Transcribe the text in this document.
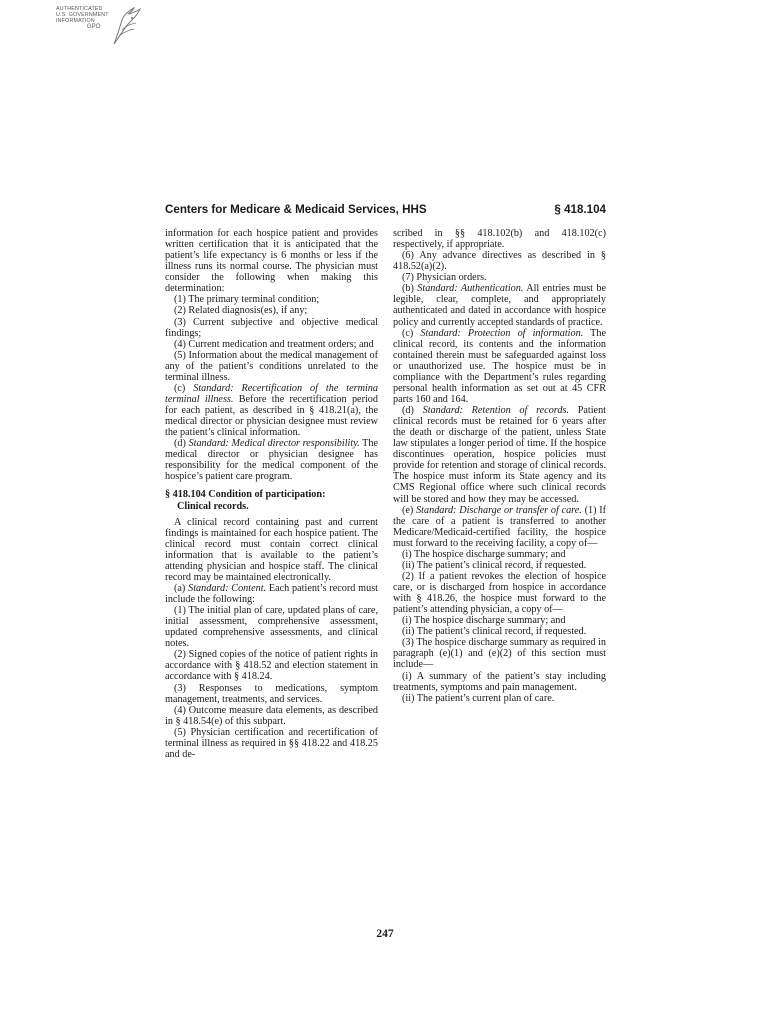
AUTHENTICATED
U.S. GOVERNMENT
INFORMATION
GPO
Centers for Medicare & Medicaid Services, HHS	§ 418.104

information for each hospice patient and provides written certification that it is anticipated that the patient’s life expectancy is 6 months or less if the illness runs its normal course. The physician must consider the following when making this determination:

(1) The primary terminal condition;

(2) Related diagnosis(es), if any;

(3) Current subjective and objective medical findings;

(4) Current medication and treatment orders; and

(5) Information about the medical management of any of the patient’s conditions unrelated to the terminal illness.

(c) Standard: Recertification of the termina terminal illness. Before the recertification period for each patient, as described in § 418.21(a), the medical director or physician designee must review the patient’s clinical information.

(d) Standard: Medical director responsibility. The medical director or physician designee has responsibility for the medical component of the hospice’s patient care program.

§ 418.104 Condition of participation:
Clinical records.

A clinical record containing past and current findings is maintained for each hospice patient. The clinical record must contain correct clinical information that is available to the patient’s attending physician and hospice staff. The clinical record may be maintained electronically.

(a) Standard: Content. Each patient’s record must include the following:

(1) The initial plan of care, updated plans of care, initial assessment, comprehensive assessment, updated comprehensive assessments, and clinical notes.

(2) Signed copies of the notice of patient rights in accordance with § 418.52 and election statement in accordance with § 418.24.

(3) Responses to medications, symptom management, treatments, and services.

(4) Outcome measure data elements, as described in § 418.54(e) of this subpart.

(5) Physician certification and recertification of terminal illness as required in §§ 418.22 and 418.25 and de-

scribed in §§ 418.102(b) and 418.102(c) respectively, if appropriate.

(6) Any advance directives as described in § 418.52(a)(2).

(7) Physician orders.

(b) Standard: Authentication. All entries must be legible, clear, complete, and appropriately authenticated and dated in accordance with hospice policy and currently accepted standards of practice.

(c) Standard: Protection of information. The clinical record, its contents and the information contained therein must be safeguarded against loss or unauthorized use. The hospice must be in compliance with the Department’s rules regarding personal health information as set out at 45 CFR parts 160 and 164.

(d) Standard: Retention of records. Patient clinical records must be retained for 6 years after the death or discharge of the patient, unless State law stipulates a longer period of time. If the hospice discontinues operation, hospice policies must provide for retention and storage of clinical records. The hospice must inform its State agency and its CMS Regional office where such clinical records will be stored and how they may be accessed.

(e) Standard: Discharge or transfer of care. (1) If the care of a patient is transferred to another Medicare/Medicaid-certified facility, the hospice must forward to the receiving facility, a copy of—

(i) The hospice discharge summary; and

(ii) The patient’s clinical record, if requested.

(2) If a patient revokes the election of hospice care, or is discharged from hospice in accordance with § 418.26, the hospice must forward to the patient’s attending physician, a copy of—

(i) The hospice discharge summary; and

(ii) The patient’s clinical record, if requested.

(3) The hospice discharge summary as required in paragraph (e)(1) and (e)(2) of this section must include—

(i) A summary of the patient’s stay including treatments, symptoms and pain management.

(ii) The patient’s current plan of care.

247
